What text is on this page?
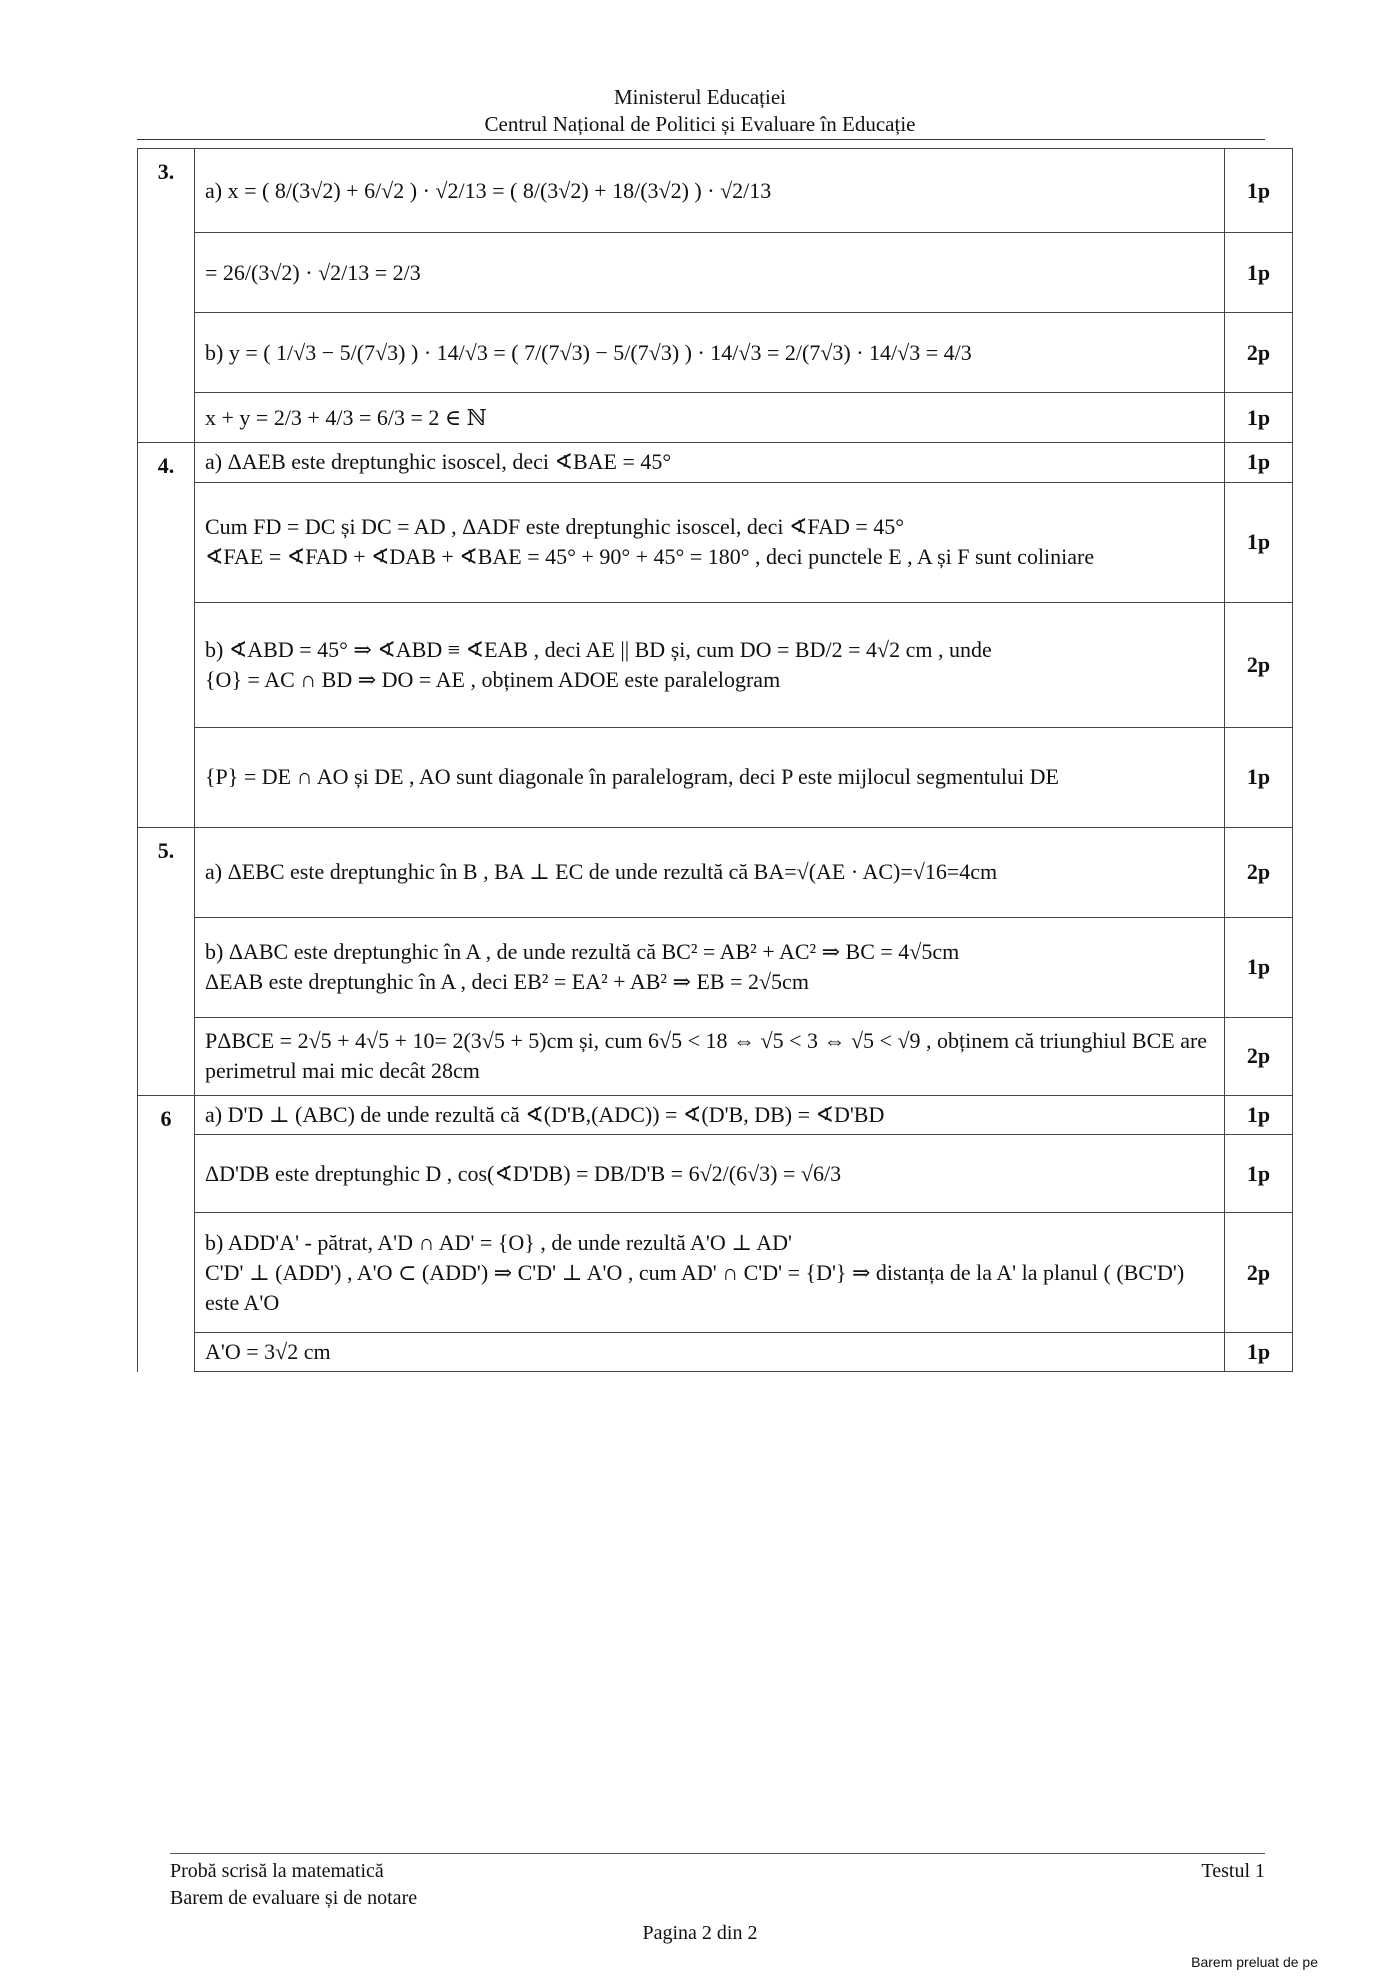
Ministerul Educației
Centrul Național de Politici și Evaluare în Educație
3.	a) x = ( 8/(3√2) + 6/√2 ) · √2/13 = ( 8/(3√2) + 18/(3√2) ) · √2/13	1p

	= 26/(3√2) · √2/13 = 2/3	1p

	b) y = ( 1/√3 − 5/(7√3) ) · 14/√3 = ( 7/(7√3) − 5/(7√3) ) · 14/√3 = 2/(7√3) · 14/√3 = 4/3	2p

	x + y = 2/3 + 4/3 = 6/3 = 2 ∈ ℕ	1p
4.	a) ΔAEB este dreptunghic isoscel, deci ∢BAE = 45°	1p

	Cum FD = DC și DC = AD , ΔADF este dreptunghic isoscel, deci ∢FAD = 45°
∢FAE = ∢FAD + ∢DAB + ∢BAE = 45° + 90° + 45° = 180° , deci punctele E , A și F sunt coliniare	1p

	b) ∢ABD = 45° ⇒ ∢ABD ≡ ∢EAB , deci AE || BD și, cum DO = BD/2 = 4√2 cm , unde
{O} = AC ∩ BD ⇒ DO = AE , obținem ADOE este paralelogram	2p

	{P} = DE ∩ AO și DE , AO sunt diagonale în paralelogram, deci P este mijlocul segmentului DE	1p
5.	a) ΔEBC este dreptunghic în B , BA ⊥ EC de unde rezultă că BA=√(AE · AC)=√16=4cm	2p

	b) ΔABC este dreptunghic în A , de unde rezultă că BC² = AB² + AC² ⇒ BC = 4√5cm
ΔEAB este dreptunghic în A , deci EB² = EA² + AB² ⇒ EB = 2√5cm	1p

	PΔBCE = 2√5 + 4√5 + 10= 2(3√5 + 5)cm și, cum 6√5 < 18 ⇔ √5 < 3 ⇔ √5 < √9 , obținem că triunghiul BCE are perimetrul mai mic decât 28cm	2p
6	a) D'D ⊥ (ABC) de unde rezultă că ∢(D'B,(ADC)) = ∢(D'B, DB) = ∢D'BD	1p

	ΔD'DB este dreptunghic D , cos(∢D'DB) = DB/D'B = 6√2/(6√3) = √6/3	1p

	b) ADD'A' - pătrat, A'D ∩ AD' = {O} , de unde rezultă A'O ⊥ AD'
C'D' ⊥ (ADD') , A'O ⊂ (ADD') ⇒ C'D' ⊥ A'O , cum AD' ∩ C'D' = {D'} ⇒ distanța de la A' la planul ( (BC'D') este A'O	2p

	A'O = 3√2 cm	1p
Probă scrisă la matematică
Barem de evaluare și de notare
Testul 1
Pagina 2 din 2
Barem preluat de pe
